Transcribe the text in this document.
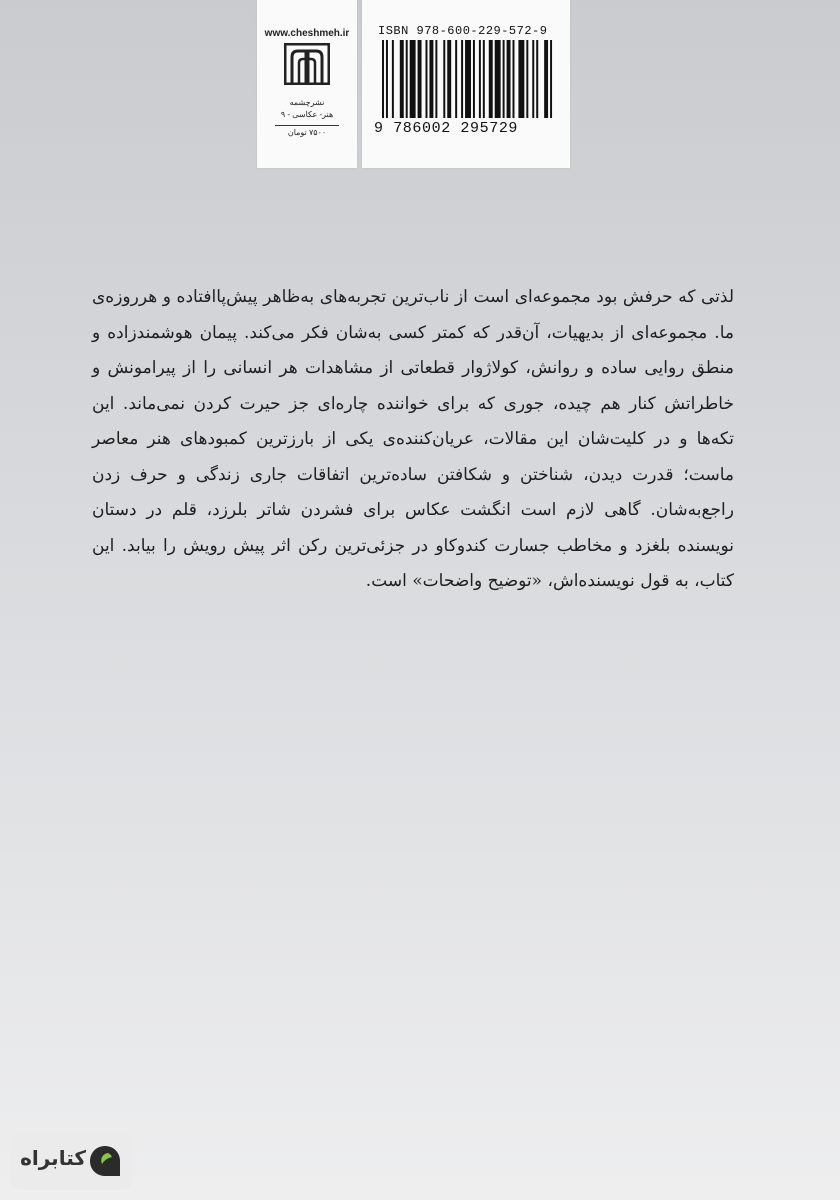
www.cheshmeh.ir
نشرچشمه
هنر- عکاسی - ۹
۷۵۰۰ تومان
ISBN 978-600-229-572-9
9 786002 295729
لذتی که حرفش بود مجموعه‌ای است از ناب‌ترین تجربه‌های به‌ظاهر پیش‌پاافتاده و هرروزه‌ی ما. مجموعه‌ای از بدیهیات، آن‌قدر که کمتر کسی به‌شان فکر می‌کند. پیمان هوشمندزاده و منطق روایی ساده و روانش، کولاژوار قطعاتی از مشاهدات هر انسانی را از پیرامونش و خاطراتش کنار هم چیده، جوری که برای خواننده چاره‌ای جز حیرت کردن نمی‌ماند. این تکه‌ها و در کلیت‌شان این مقالات، عریان‌کننده‌ی یکی از بارزترین کمبودهای هنر معاصر ماست؛ قدرت دیدن، شناختن و شکافتن ساده‌ترین اتفاقات جاری زندگی و حرف زدن راجع‌به‌شان. گاهی لازم است انگشت عکاس برای فشردن شاتر بلرزد، قلم در دستان نویسنده بلغزد و مخاطب جسارت کندوکاو در جزئی‌ترین رکن اثر پیش رویش را بیابد. این کتاب، به قول نویسنده‌اش، «توضیح واضحات» است.
کتابراه
